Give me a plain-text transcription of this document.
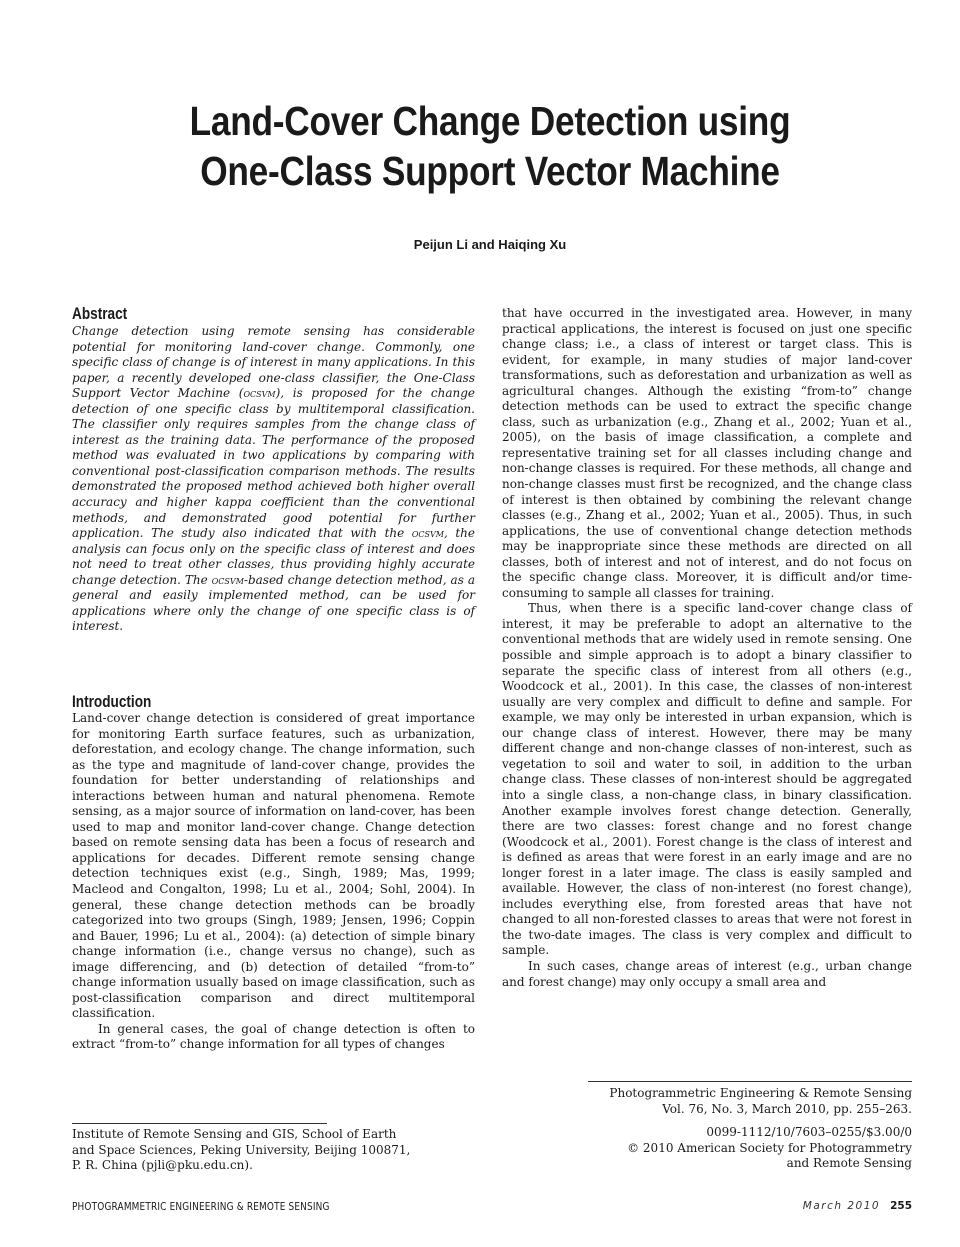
Land-Cover Change Detection using
One-Class Support Vector Machine
Peijun Li and Haiqing Xu
Abstract

Change detection using remote sensing has considerable potential for monitoring land-cover change. Commonly, one specific class of change is of interest in many applications. In this paper, a recently developed one-class classifier, the One-Class Support Vector Machine (ocsvm), is proposed for the change detection of one specific class by multitemporal classification. The classifier only requires samples from the change class of interest as the training data. The performance of the proposed method was evaluated in two applications by comparing with conventional post-classification comparison methods. The results demonstrated the proposed method achieved both higher overall accuracy and higher kappa coefficient than the conventional methods, and demonstrated good potential for further application. The study also indicated that with the ocsvm, the analysis can focus only on the specific class of interest and does not need to treat other classes, thus providing highly accurate change detection. The ocsvm-based change detection method, as a general and easily implemented method, can be used for applications where only the change of one specific class is of interest.

Introduction

Land-cover change detection is considered of great importance for monitoring Earth surface features, such as urbanization, deforestation, and ecology change. The change information, such as the type and magnitude of land-cover change, provides the foundation for better understanding of relationships and interactions between human and natural phenomena. Remote sensing, as a major source of information on land-cover, has been used to map and monitor land-cover change. Change detection based on remote sensing data has been a focus of research and applications for decades. Different remote sensing change detection techniques exist (e.g., Singh, 1989; Mas, 1999; Macleod and Congalton, 1998; Lu et al., 2004; Sohl, 2004). In general, these change detection methods can be broadly categorized into two groups (Singh, 1989; Jensen, 1996; Coppin and Bauer, 1996; Lu et al., 2004): (a) detection of simple binary change information (i.e., change versus no change), such as image differencing, and (b) detection of detailed “from-to” change information usually based on image classification, such as post-classification comparison and direct multitemporal classification.

In general cases, the goal of change detection is often to extract “from-to” change information for all types of changes

that have occurred in the investigated area. However, in many practical applications, the interest is focused on just one specific change class; i.e., a class of interest or target class. This is evident, for example, in many studies of major land-cover transformations, such as deforestation and urbanization as well as agricultural changes. Although the existing “from-to” change detection methods can be used to extract the specific change class, such as urbanization (e.g., Zhang et al., 2002; Yuan et al., 2005), on the basis of image classification, a complete and representative training set for all classes including change and non-change classes is required. For these methods, all change and non-change classes must first be recognized, and the change class of interest is then obtained by combining the relevant change classes (e.g., Zhang et al., 2002; Yuan et al., 2005). Thus, in such applications, the use of conventional change detection methods may be inappropriate since these methods are directed on all classes, both of interest and not of interest, and do not focus on the specific change class. Moreover, it is difficult and/or time-consuming to sample all classes for training.

Thus, when there is a specific land-cover change class of interest, it may be preferable to adopt an alternative to the conventional methods that are widely used in remote sensing. One possible and simple approach is to adopt a binary classifier to separate the specific class of interest from all others (e.g., Woodcock et al., 2001). In this case, the classes of non-interest usually are very complex and difficult to define and sample. For example, we may only be interested in urban expansion, which is our change class of interest. However, there may be many different change and non-change classes of non-interest, such as vegetation to soil and water to soil, in addition to the urban change class. These classes of non-interest should be aggregated into a single class, a non-change class, in binary classification. Another example involves forest change detection. Generally, there are two classes: forest change and no forest change (Woodcock et al., 2001). Forest change is the class of interest and is defined as areas that were forest in an early image and are no longer forest in a later image. The class is easily sampled and available. However, the class of non-interest (no forest change), includes everything else, from forested areas that have not changed to all non-forested classes to areas that were not forest in the two-date images. The class is very complex and difficult to sample.

In such cases, change areas of interest (e.g., urban change and forest change) may only occupy a small area and

Institute of Remote Sensing and GIS, School of Earth
and Space Sciences, Peking University, Beijing 100871,
P. R. China (pjli@pku.edu.cn).
Photogrammetric Engineering & Remote Sensing
Vol. 76, No. 3, March 2010, pp. 255–263.
0099-1112/10/7603–0255/$3.00/0
© 2010 American Society for Photogrammetry
and Remote Sensing
PHOTOGRAMMETRIC ENGINEERING & REMOTE SENSING	March 2010 255
